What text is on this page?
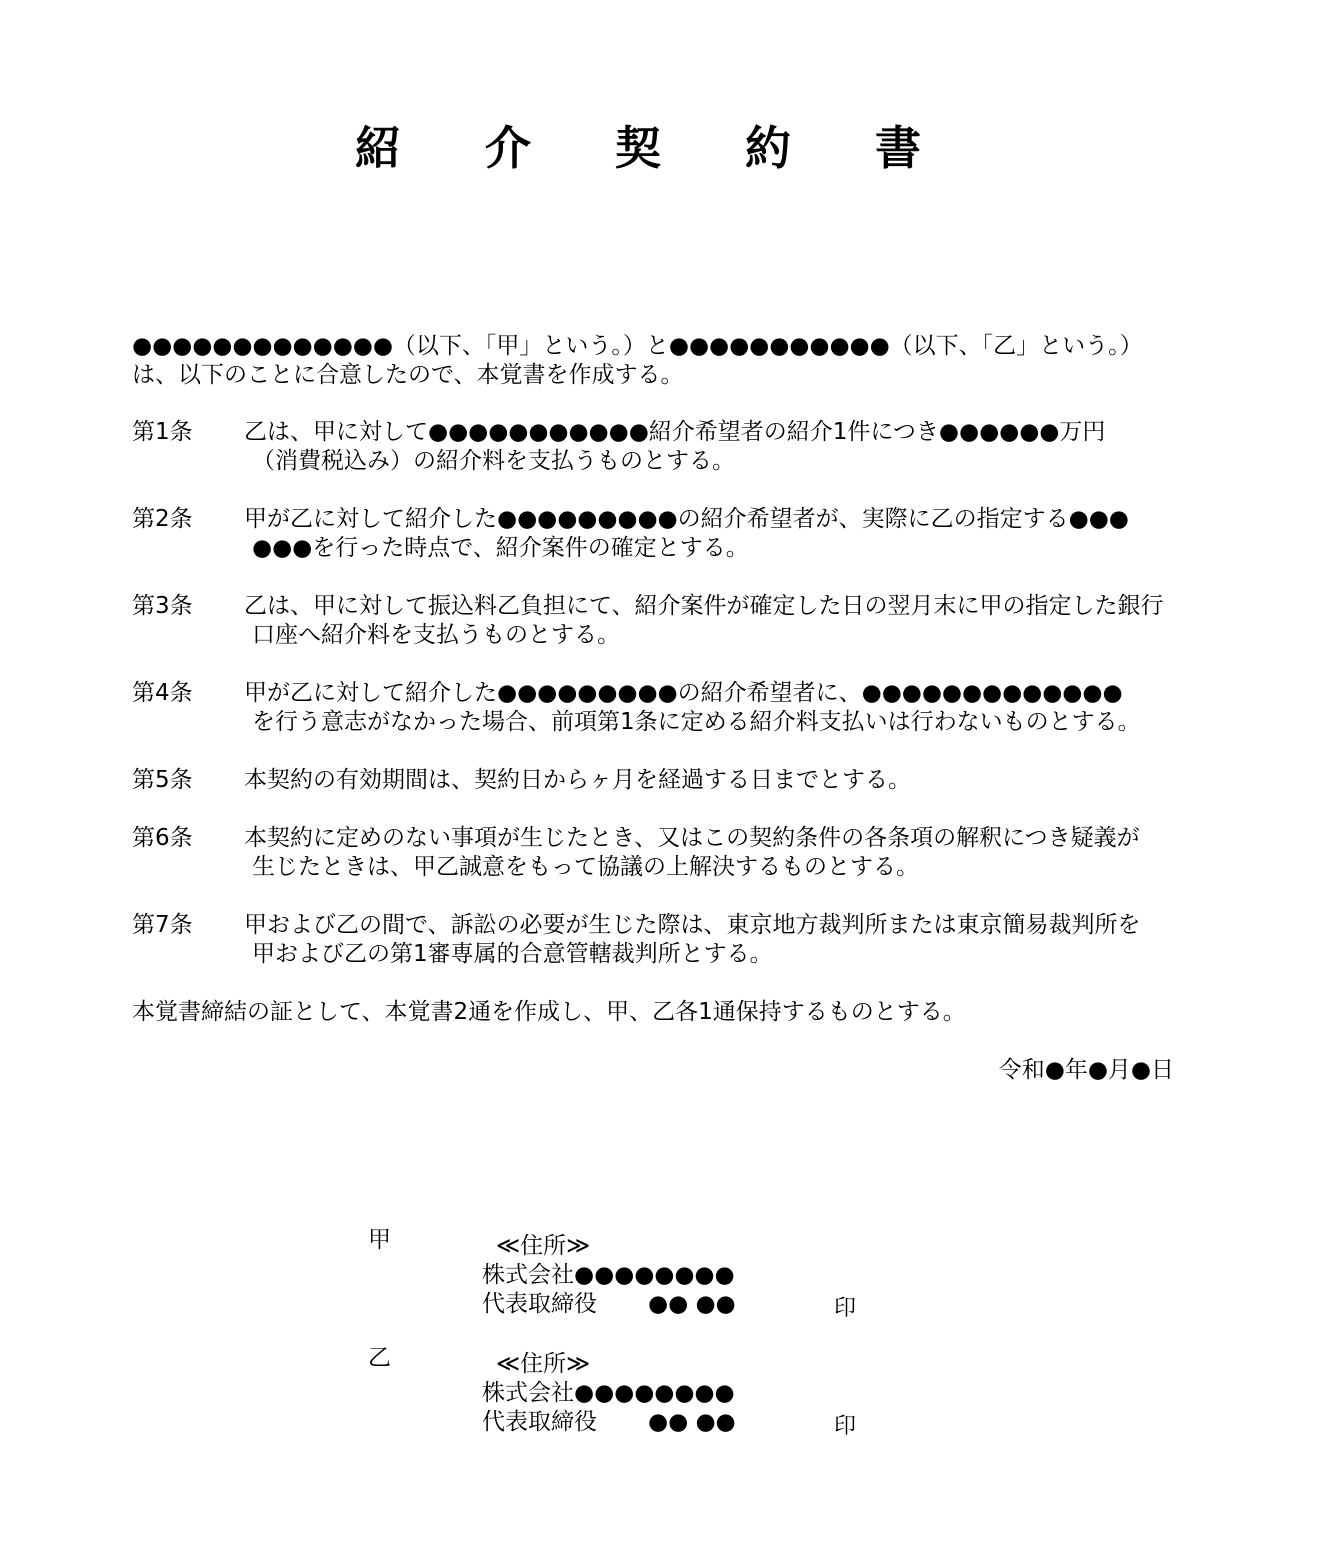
紹 介 契 約 書
●●●●●●●●●●●●●（以下、「甲」という。）と●●●●●●●●●●●（以下、「乙」という。）
は、以下のことに合意したので、本覚書を作成する。
第1条 乙は、甲に対して●●●●●●●●●●●紹介希望者の紹介1件につき●●●●●●万円
（消費税込み）の紹介料を支払うものとする。
第2条 甲が乙に対して紹介した●●●●●●●●●の紹介希望者が、実際に乙の指定する●●●
●●●を行った時点で、紹介案件の確定とする。
第3条 乙は、甲に対して振込料乙負担にて、紹介案件が確定した日の翌月末に甲の指定した銀行
口座へ紹介料を支払うものとする。
第4条 甲が乙に対して紹介した●●●●●●●●●の紹介希望者に、●●●●●●●●●●●●●
を行う意志がなかった場合、前項第1条に定める紹介料支払いは行わないものとする。
第5条 本契約の有効期間は、契約日からヶ月を経過する日までとする。
第6条 本契約に定めのない事項が生じたとき、又はこの契約条件の各条項の解釈につき疑義が
生じたときは、甲乙誠意をもって協議の上解決するものとする。
第7条 甲および乙の間で、訴訟の必要が生じた際は、東京地方裁判所または東京簡易裁判所を
甲および乙の第1審専属的合意管轄裁判所とする。
本覚書締結の証として、本覚書2通を作成し、甲、乙各1通保持するものとする。
令和●年●月●日
甲	≪住所≫
株式会社●●●●●●●●
代表取締役 ●● ●●	印
乙	≪住所≫
株式会社●●●●●●●●
代表取締役 ●● ●●	印
